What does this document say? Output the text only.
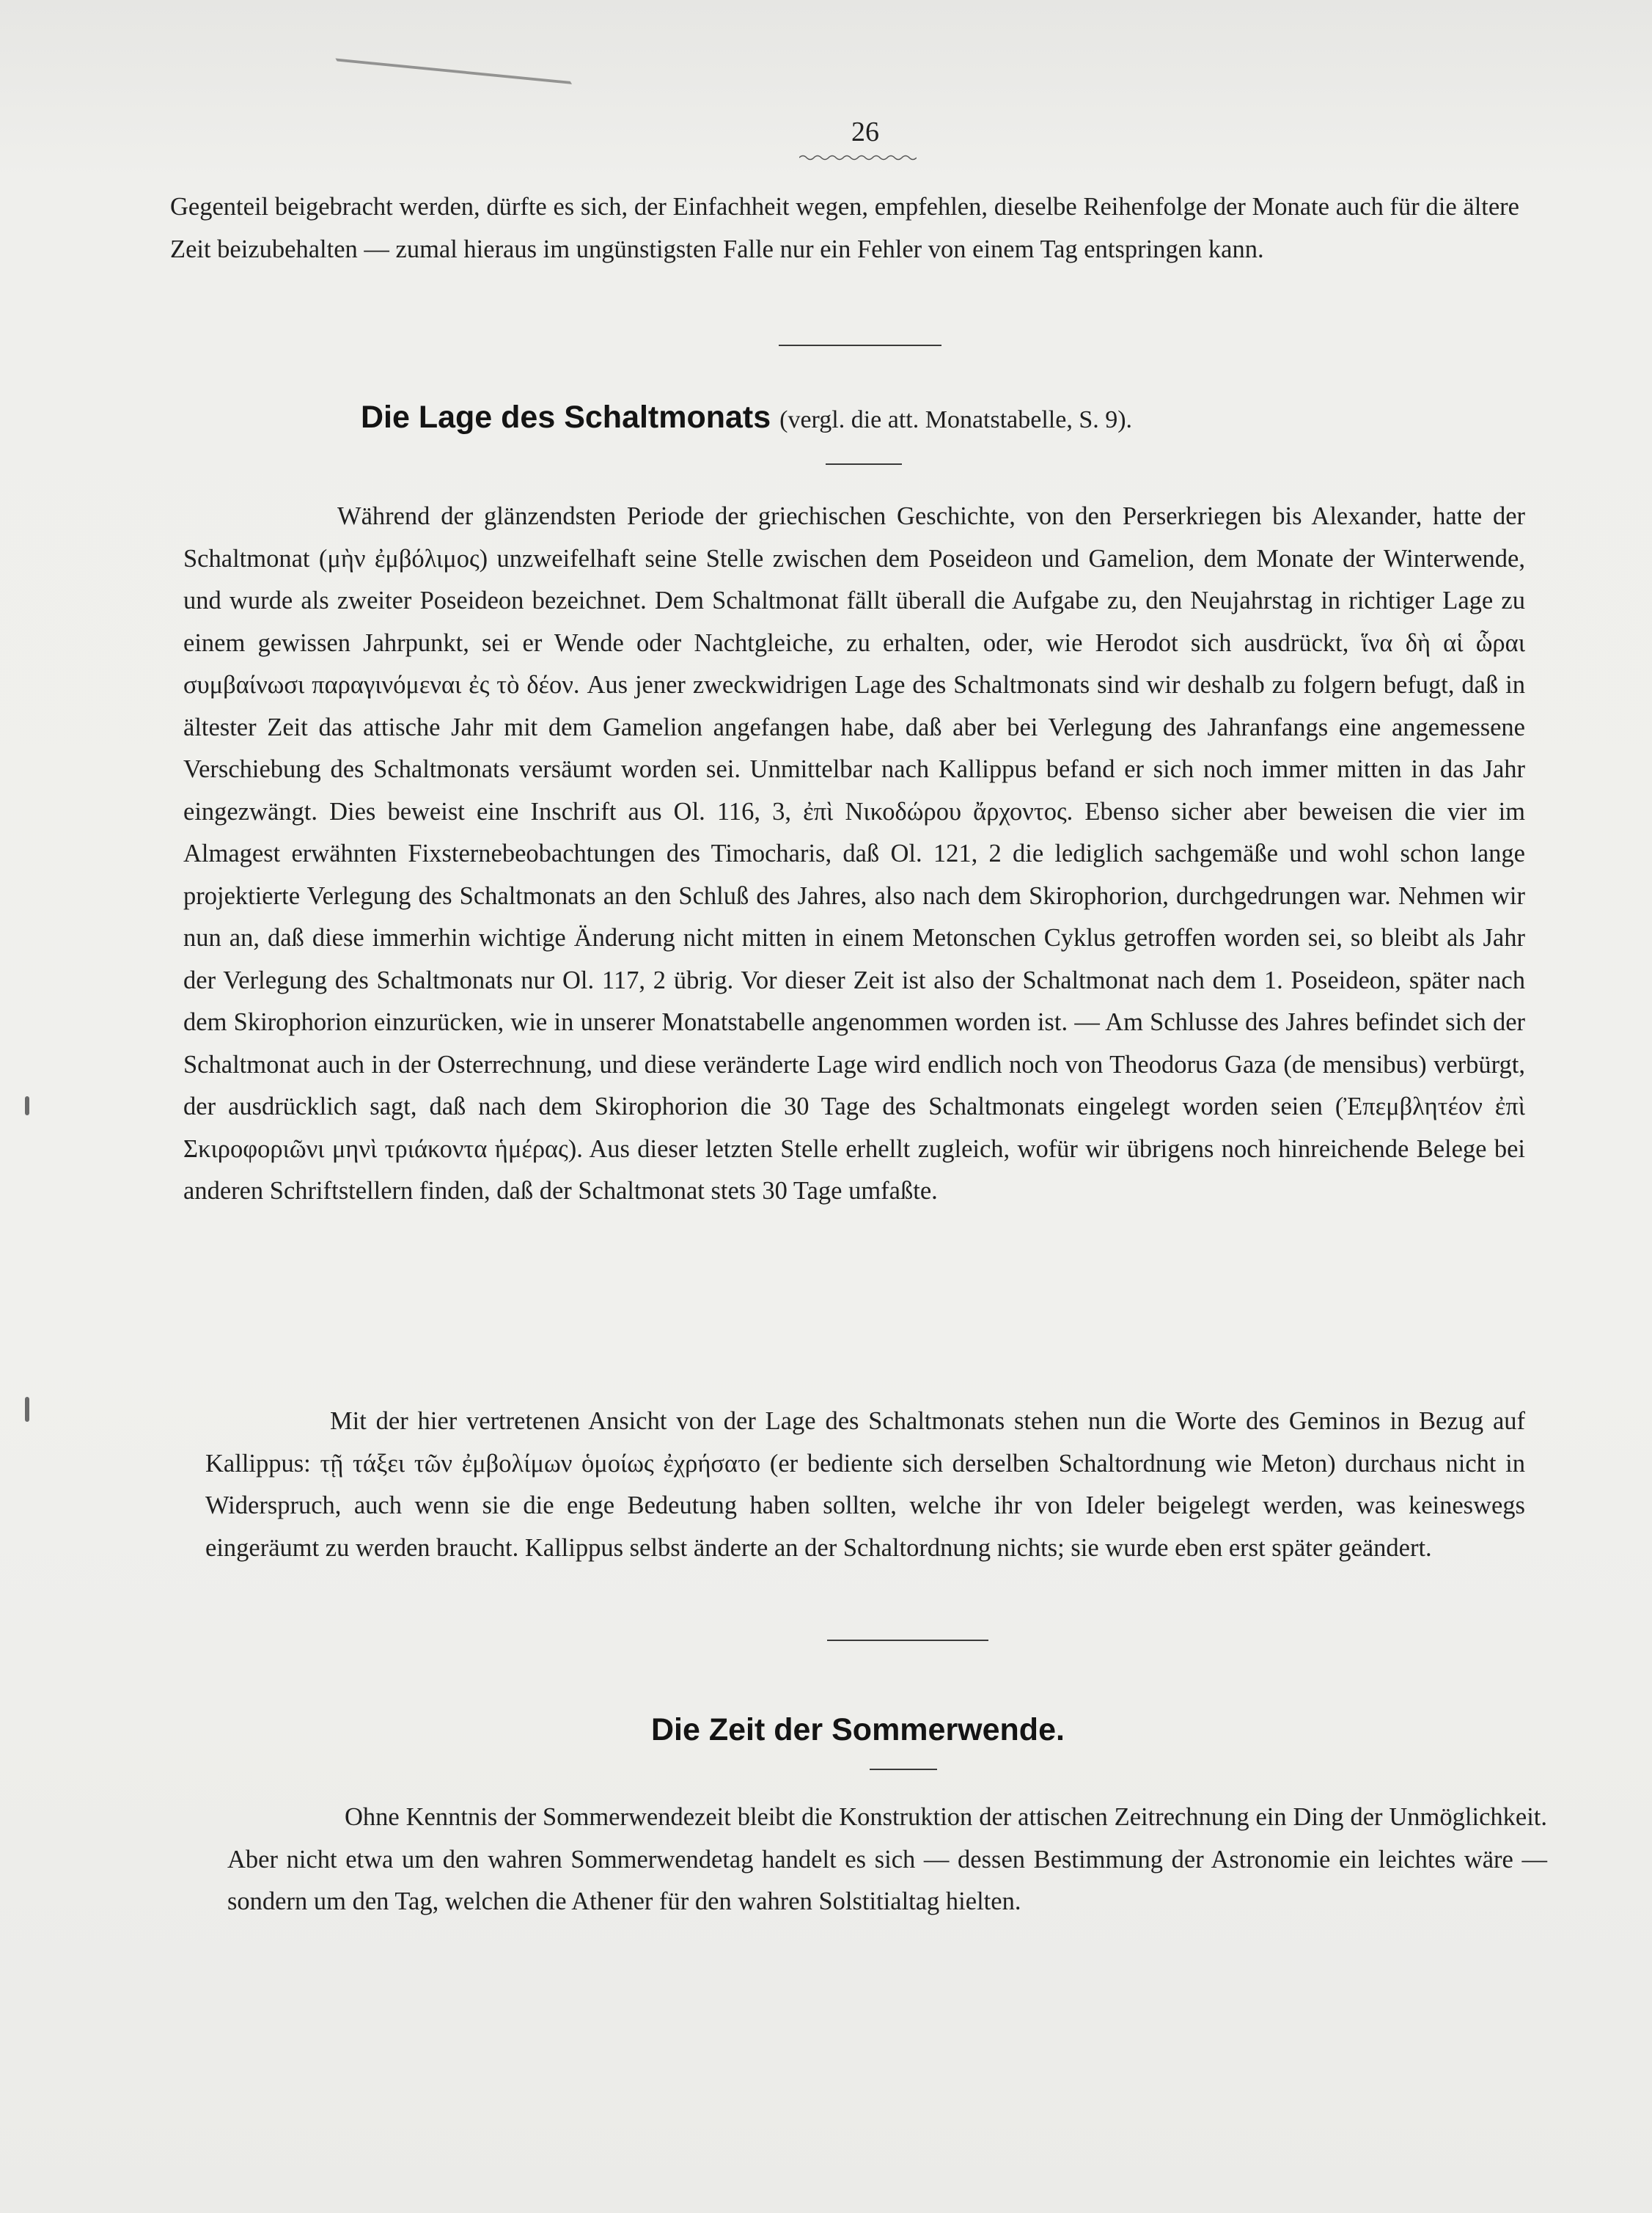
26

Gegenteil beigebracht werden, dürfte es sich, der Einfachheit wegen, empfehlen, dieselbe Reihenfolge der Monate auch für die ältere Zeit beizubehalten — zumal hieraus im ungünstigsten Falle nur ein Fehler von einem Tag entspringen kann.

Die Lage des Schaltmonats (vergl. die att. Monatstabelle, S. 9).

Während der glänzendsten Periode der griechischen Geschichte, von den Perserkriegen bis Alexander, hatte der Schaltmonat (μὴν ἐμβόλιμος) unzweifelhaft seine Stelle zwischen dem Poseideon und Gamelion, dem Monate der Winterwende, und wurde als zweiter Poseideon bezeichnet. Dem Schaltmonat fällt überall die Aufgabe zu, den Neujahrstag in richtiger Lage zu einem gewissen Jahrpunkt, sei er Wende oder Nachtgleiche, zu erhalten, oder, wie Herodot sich ausdrückt, ἵνα δὴ αἱ ὧραι συμβαίνωσι παραγινόμεναι ἐς τὸ δέον. Aus jener zweckwidrigen Lage des Schaltmonats sind wir deshalb zu folgern befugt, daß in ältester Zeit das attische Jahr mit dem Gamelion angefangen habe, daß aber bei Verlegung des Jahranfangs eine angemessene Verschiebung des Schaltmonats versäumt worden sei. Unmittelbar nach Kallippus befand er sich noch immer mitten in das Jahr eingezwängt. Dies beweist eine Inschrift aus Ol. 116, 3, ἐπὶ Νικοδώρου ἄρχοντος. Ebenso sicher aber beweisen die vier im Almagest erwähnten Fixsternebeobachtungen des Timocharis, daß Ol. 121, 2 die lediglich sachgemäße und wohl schon lange projektierte Verlegung des Schaltmonats an den Schluß des Jahres, also nach dem Skirophorion, durchgedrungen war. Nehmen wir nun an, daß diese immerhin wichtige Änderung nicht mitten in einem Metonschen Cyklus getroffen worden sei, so bleibt als Jahr der Verlegung des Schaltmonats nur Ol. 117, 2 übrig. Vor dieser Zeit ist also der Schaltmonat nach dem 1. Poseideon, später nach dem Skirophorion einzurücken, wie in unserer Monatstabelle angenommen worden ist. — Am Schlusse des Jahres befindet sich der Schaltmonat auch in der Osterrechnung, und diese veränderte Lage wird endlich noch von Theodorus Gaza (de mensibus) verbürgt, der ausdrücklich sagt, daß nach dem Skirophorion die 30 Tage des Schaltmonats eingelegt worden seien (Ἐπεμβλητέον ἐπὶ Σκιροφοριῶνι μηνὶ τριάκοντα ἡμέρας). Aus dieser letzten Stelle erhellt zugleich, wofür wir übrigens noch hinreichende Belege bei anderen Schriftstellern finden, daß der Schaltmonat stets 30 Tage umfaßte.

Mit der hier vertretenen Ansicht von der Lage des Schaltmonats stehen nun die Worte des Geminos in Bezug auf Kallippus: τῇ τάξει τῶν ἐμβολίμων ὁμοίως ἐχρήσατο (er bediente sich derselben Schaltordnung wie Meton) durchaus nicht in Widerspruch, auch wenn sie die enge Bedeutung haben sollten, welche ihr von Ideler beigelegt werden, was keineswegs eingeräumt zu werden braucht. Kallippus selbst änderte an der Schaltordnung nichts; sie wurde eben erst später geändert.

Die Zeit der Sommerwende.

Ohne Kenntnis der Sommerwendezeit bleibt die Konstruktion der attischen Zeitrechnung ein Ding der Unmöglichkeit. Aber nicht etwa um den wahren Sommerwendetag handelt es sich — dessen Bestimmung der Astronomie ein leichtes wäre — sondern um den Tag, welchen die Athener für den wahren Solstitialtag hielten.
